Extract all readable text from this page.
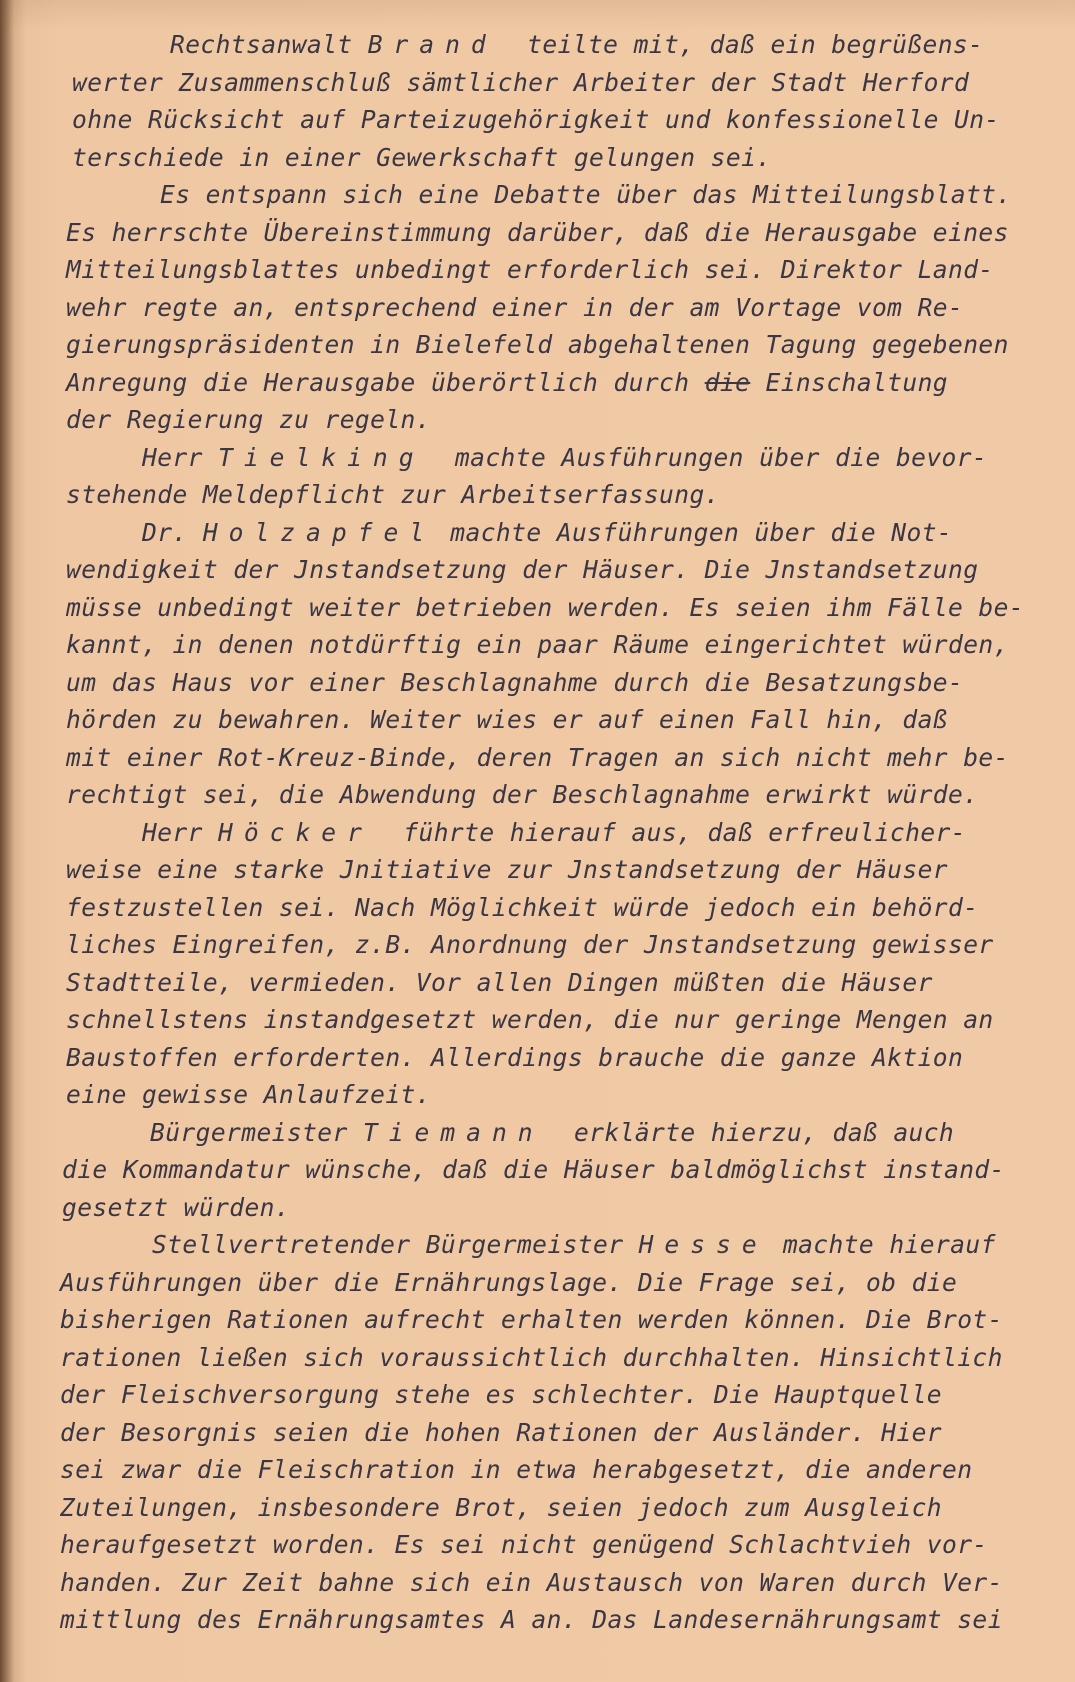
Rechtsanwalt Brand  teilte mit, daß ein begrüßens-
werter Zusammenschluß sämtlicher Arbeiter der Stadt Herford
ohne Rücksicht auf Parteizugehörigkeit und konfessionelle Un-
terschiede in einer Gewerkschaft gelungen sei.
Es entspann sich eine Debatte über das Mitteilungsblatt.
Es herrschte Übereinstimmung darüber, daß die Herausgabe eines
Mitteilungsblattes unbedingt erforderlich sei. Direktor Land-
wehr regte an, entsprechend einer in der am Vortage vom Re-
gierungspräsidenten in Bielefeld abgehaltenen Tagung gegebenen
Anregung die Herausgabe überörtlich durch die Einschaltung
der Regierung zu regeln.
Herr Tielking  machte Ausführungen über die bevor-
stehende Meldepflicht zur Arbeitserfassung.
Dr. Holzapfel machte Ausführungen über die Not-
wendigkeit der Jnstandsetzung der Häuser. Die Jnstandsetzung
müsse unbedingt weiter betrieben werden. Es seien ihm Fälle be-
kannt, in denen notdürftig ein paar Räume eingerichtet würden,
um das Haus vor einer Beschlagnahme durch die Besatzungsbe-
hörden zu bewahren. Weiter wies er auf einen Fall hin, daß
mit einer Rot-Kreuz-Binde, deren Tragen an sich nicht mehr be-
rechtigt sei, die Abwendung der Beschlagnahme erwirkt würde.
Herr Höcker  führte hierauf aus, daß erfreulicher-
weise eine starke Jnitiative zur Jnstandsetzung der Häuser
festzustellen sei. Nach Möglichkeit würde jedoch ein behörd-
liches Eingreifen, z.B. Anordnung der Jnstandsetzung gewisser
Stadtteile, vermieden. Vor allen Dingen müßten die Häuser
schnellstens instandgesetzt werden, die nur geringe Mengen an
Baustoffen erforderten. Allerdings brauche die ganze Aktion
eine gewisse Anlaufzeit.
Bürgermeister Tiemann  erklärte hierzu, daß auch
die Kommandatur wünsche, daß die Häuser baldmöglichst instand-
gesetzt würden.
Stellvertretender Bürgermeister Hesse machte hierauf
Ausführungen über die Ernährungslage. Die Frage sei, ob die
bisherigen Rationen aufrecht erhalten werden können. Die Brot-
rationen ließen sich voraussichtlich durchhalten. Hinsichtlich
der Fleischversorgung stehe es schlechter. Die Hauptquelle
der Besorgnis seien die hohen Rationen der Ausländer. Hier
sei zwar die Fleischration in etwa herabgesetzt, die anderen
Zuteilungen, insbesondere Brot, seien jedoch zum Ausgleich
heraufgesetzt worden. Es sei nicht genügend Schlachtvieh vor-
handen. Zur Zeit bahne sich ein Austausch von Waren durch Ver-
mittlung des Ernährungsamtes A an. Das Landesernährungsamt sei
